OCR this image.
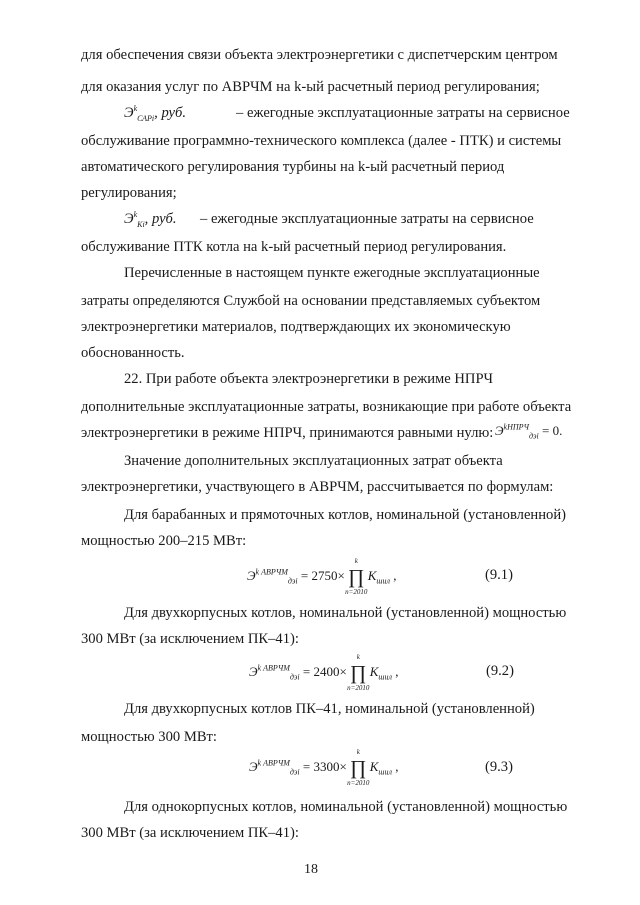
для обеспечения связи объекта электроэнергетики с диспетчерским центром
для оказания услуг по АВРЧМ на k-ый расчетный период регулирования;
$Э^k_{САРi}$, руб.	– ежегодные эксплуатационные затраты на сервисное
обслуживание программно-технического комплекса (далее - ПТК) и системы
автоматического регулирования турбины на k-ый расчетный период
регулирования;
$Э^k_{Кi}$, руб. – ежегодные эксплуатационные затраты на сервисное
обслуживание ПТК котла на k-ый расчетный период регулирования.
Перечисленные в настоящем пункте ежегодные эксплуатационные
затраты определяются Службой на основании представляемых субъектом
электроэнергетики материалов, подтверждающих их экономическую
обоснованность.
22. При работе объекта электроэнергетики в режиме НПРЧ
дополнительные эксплуатационные затраты, возникающие при работе объекта
электроэнергетики в режиме НПРЧ, принимаются равными нулю: $Э^{kНПРЧ}_{дэi} = 0$.
Значение дополнительных эксплуатационных затрат объекта
электроэнергетики, участвующего в АВРЧМ, рассчитывается по формулам:
Для барабанных и прямоточных котлов, номинальной (установленной)
мощностью 200–215 МВт:
$Э^{k АВРЧМ}_{дэi} = 2750\times$ ∏
k
n=2010
$K_{шил}$ ,	(9.1)
Для двухкорпусных котлов, номинальной (установленной) мощностью
300 МВт (за исключением ПК–41):
$Э^{k АВРЧМ}_{дэi} = 2400\times$ ∏
k
n=2010
$K_{шил}$ ,	(9.2)
Для двухкорпусных котлов ПК–41, номинальной (установленной)
мощностью 300 МВт:
$Э^{k АВРЧМ}_{дэi} = 3300\times$ ∏
k
n=2010
$K_{шил}$ ,	(9.3)
Для однокорпусных котлов, номинальной (установленной) мощностью
300 МВт (за исключением ПК–41):
18
